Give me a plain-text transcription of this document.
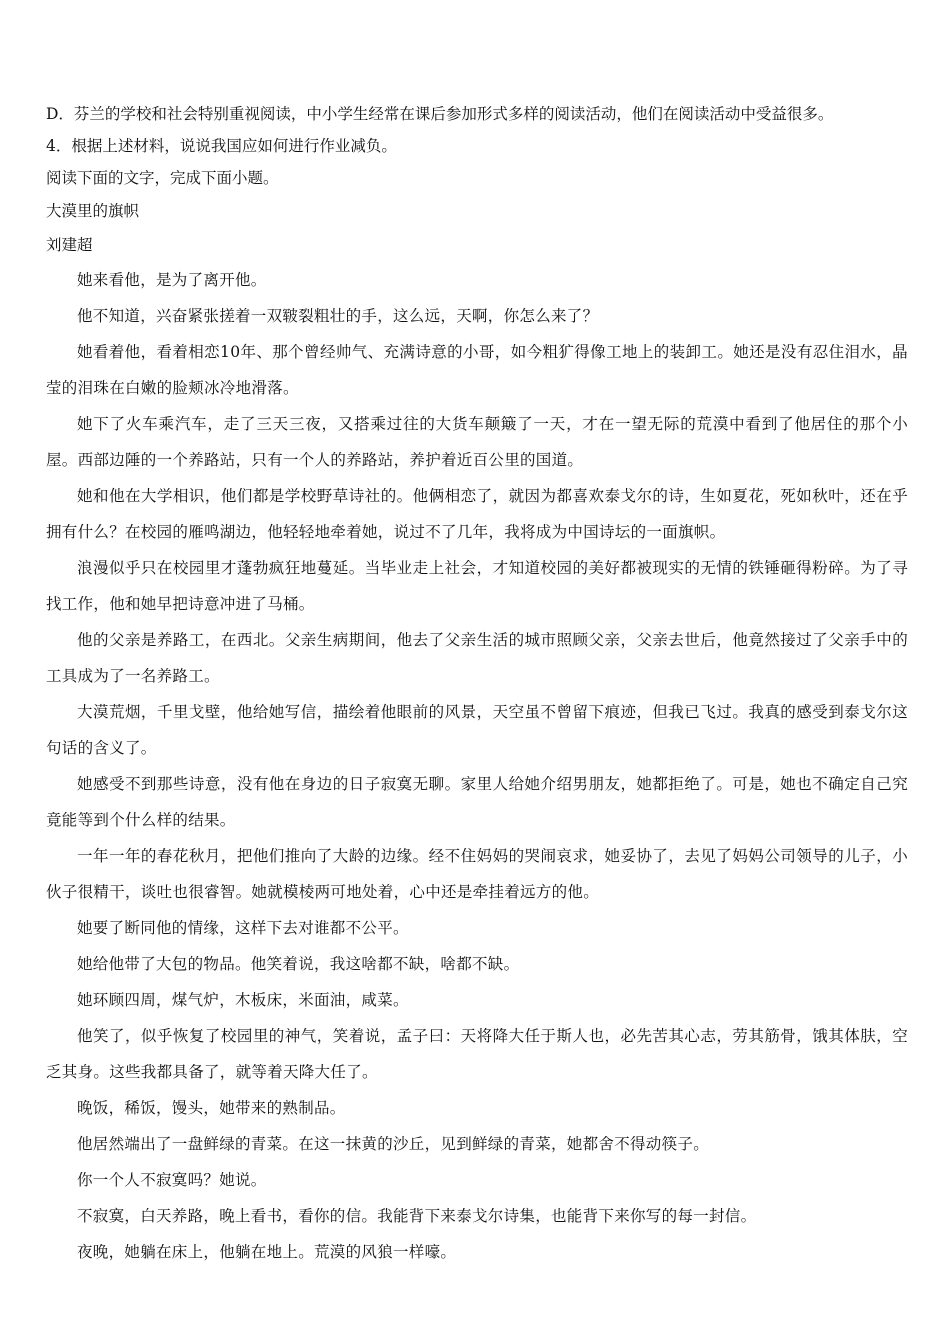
D．芬兰的学校和社会特别重视阅读，中小学生经常在课后参加形式多样的阅读活动，他们在阅读活动中受益很多。

4．根据上述材料，说说我国应如何进行作业减负。

阅读下面的文字，完成下面小题。

大漠里的旗帜

刘建超

她来看他，是为了离开他。

他不知道，兴奋紧张搓着一双皲裂粗壮的手，这么远，天啊，你怎么来了？

她看着他，看着相恋10年、那个曾经帅气、充满诗意的小哥，如今粗犷得像工地上的装卸工。她还是没有忍住泪水，晶莹的泪珠在白嫩的脸颊冰冷地滑落。

她下了火车乘汽车，走了三天三夜，又搭乘过往的大货车颠簸了一天，才在一望无际的荒漠中看到了他居住的那个小屋。西部边陲的一个养路站，只有一个人的养路站，养护着近百公里的国道。

她和他在大学相识，他们都是学校野草诗社的。他俩相恋了，就因为都喜欢泰戈尔的诗，生如夏花，死如秋叶，还在乎拥有什么？在校园的雁鸣湖边，他轻轻地牵着她，说过不了几年，我将成为中国诗坛的一面旗帜。

浪漫似乎只在校园里才蓬勃疯狂地蔓延。当毕业走上社会，才知道校园的美好都被现实的无情的铁锤砸得粉碎。为了寻找工作，他和她早把诗意冲进了马桶。

他的父亲是养路工，在西北。父亲生病期间，他去了父亲生活的城市照顾父亲，父亲去世后，他竟然接过了父亲手中的工具成为了一名养路工。

大漠荒烟，千里戈壁，他给她写信，描绘着他眼前的风景，天空虽不曾留下痕迹，但我已飞过。我真的感受到泰戈尔这句话的含义了。

她感受不到那些诗意，没有他在身边的日子寂寞无聊。家里人给她介绍男朋友，她都拒绝了。可是，她也不确定自己究竟能等到个什么样的结果。

一年一年的春花秋月，把他们推向了大龄的边缘。经不住妈妈的哭闹哀求，她妥协了，去见了妈妈公司领导的儿子，小伙子很精干，谈吐也很睿智。她就模棱两可地处着，心中还是牵挂着远方的他。

她要了断同他的情缘，这样下去对谁都不公平。

她给他带了大包的物品。他笑着说，我这啥都不缺，啥都不缺。

她环顾四周，煤气炉，木板床，米面油，咸菜。

他笑了，似乎恢复了校园里的神气，笑着说，孟子曰：天将降大任于斯人也，必先苦其心志，劳其筋骨，饿其体肤，空乏其身。这些我都具备了，就等着天降大任了。

晚饭，稀饭，馒头，她带来的熟制品。

他居然端出了一盘鲜绿的青菜。在这一抹黄的沙丘，见到鲜绿的青菜，她都舍不得动筷子。

你一个人不寂寞吗？她说。

不寂寞，白天养路，晚上看书，看你的信。我能背下来泰戈尔诗集，也能背下来你写的每一封信。

夜晚，她躺在床上，他躺在地上。荒漠的风狼一样嚎。
